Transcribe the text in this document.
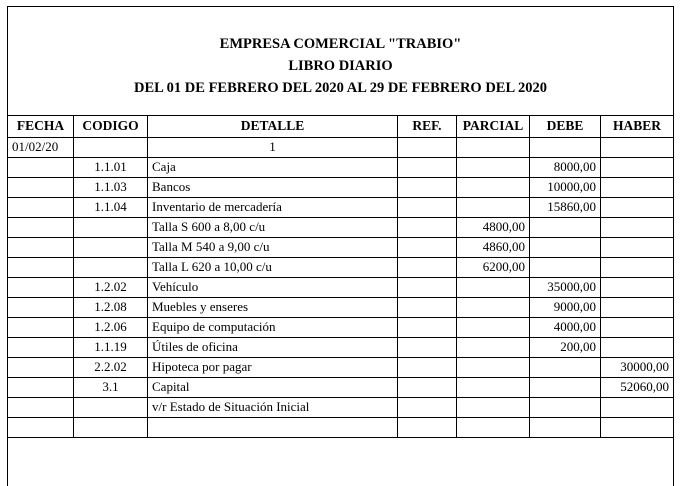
EMPRESA COMERCIAL "TRABIO"
LIBRO DIARIO
DEL 01 DE FEBRERO DEL 2020 AL 29 DE FEBRERO DEL 2020
FECHA	CODIGO	DETALLE	REF.	PARCIAL	DEBE	HABER
01/02/20		1				
	1.1.01	Caja			8000,00	
	1.1.03	Bancos			10000,00	
	1.1.04	Inventario de mercadería			15860,00	
		Talla S 600 a 8,00 c/u		4800,00		
		Talla M 540 a 9,00 c/u		4860,00		
		Talla L 620 a 10,00 c/u		6200,00		
	1.2.02	Vehículo			35000,00	
	1.2.08	Muebles y enseres			9000,00	
	1.2.06	Equipo de computación			4000,00	
	1.1.19	Útiles de oficina			200,00	
	2.2.02	Hipoteca por pagar				30000,00
	3.1	Capital				52060,00
		v/r Estado de Situación Inicial				
